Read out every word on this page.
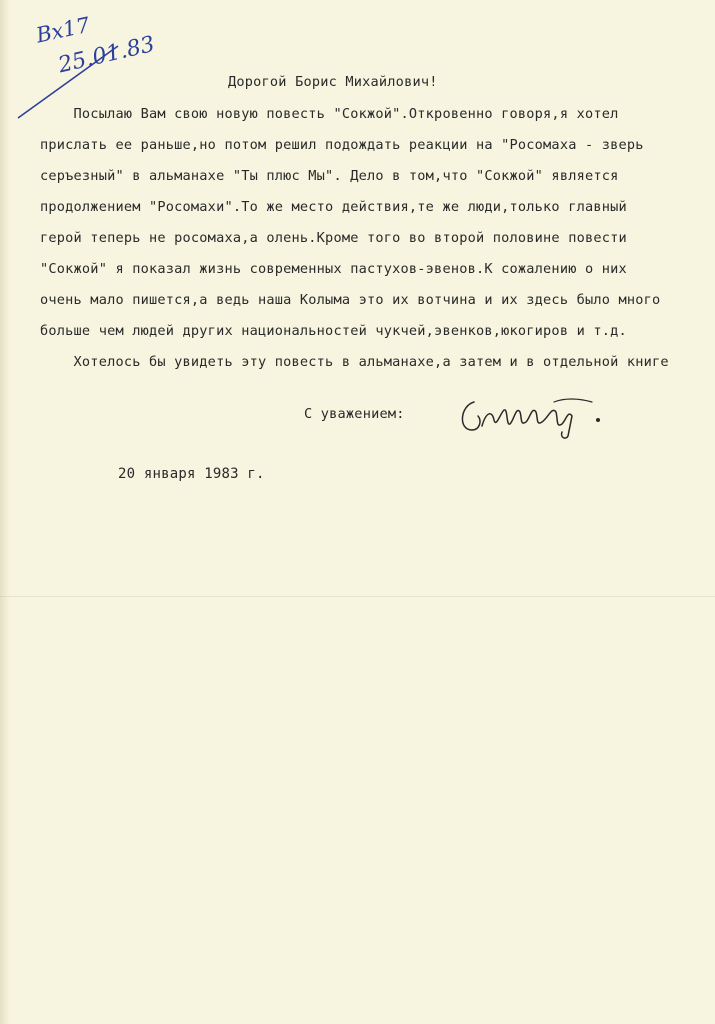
Вх17
25.01.83
Дорогой Борис Михайлович!
Посылаю Вам свою новую повесть "Сокжой".Откровенно говоря,я хотел
прислать ее раньше,но потом решил подождать реакции на "Росомаха - зверь
серъезный" в альманахе "Ты плюс Мы". Дело в том,что "Сокжой" является
продолжением "Росомахи".То же место действия,те же люди,только главный
герой теперь не росомаха,а олень.Кроме того во второй половине повести
"Сокжой" я показал жизнь современных пастухов-эвенов.К сожалению о них
очень мало пишется,а ведь наша Колыма это их вотчина и их здесь было много
больше чем людей других национальностей чукчей,эвенков,юкогиров и т.д.
Хотелось бы увидеть эту повесть в альманахе,а затем и в отдельной книге
С уважением:
20 января 1983 г.
